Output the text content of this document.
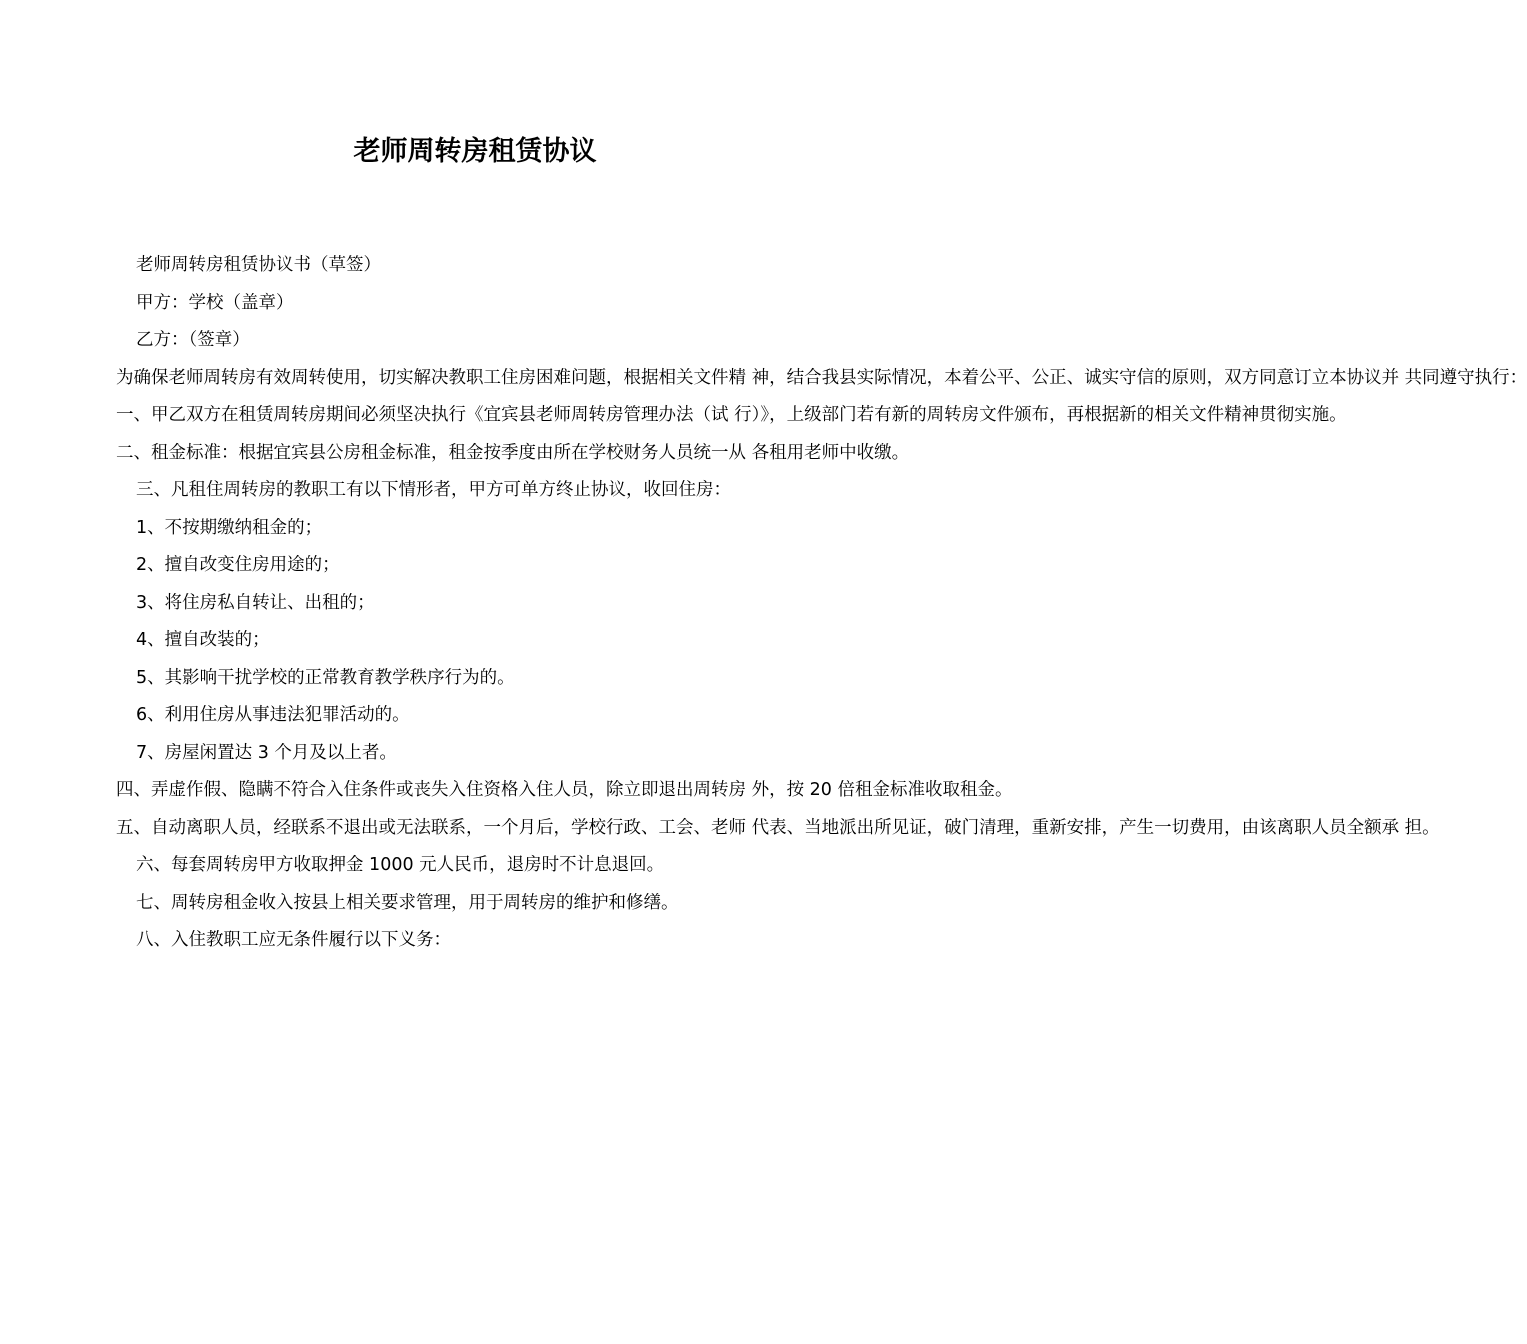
老师周转房租赁协议

老师周转房租赁协议书（草签）

甲方：学校（盖章）

乙方：（签章）

为确保老师周转房有效周转使用，切实解决教职工住房困难问题，根据相关文件精 神，结合我县实际情况，本着公平、公正、诚实守信的原则，双方同意订立本协议并 共同遵守执行：

一、甲乙双方在租赁周转房期间必须坚决执行《宜宾县老师周转房管理办法（试 行）》，上级部门若有新的周转房文件颁布，再根据新的相关文件精神贯彻实施。

二、租金标准：根据宜宾县公房租金标准，租金按季度由所在学校财务人员统一从 各租用老师中收缴。

三、凡租住周转房的教职工有以下情形者，甲方可单方终止协议，收回住房：

1、不按期缴纳租金的；

2、擅自改变住房用途的；

3、将住房私自转让、出租的；

4、擅自改装的；

5、其影响干扰学校的正常教育教学秩序行为的。

6、利用住房从事违法犯罪活动的。

7、房屋闲置达 3 个月及以上者。

四、弄虚作假、隐瞒不符合入住条件或丧失入住资格入住人员，除立即退出周转房 外，按 20 倍租金标准收取租金。

五、自动离职人员，经联系不退出或无法联系，一个月后，学校行政、工会、老师 代表、当地派出所见证，破门清理，重新安排，产生一切费用，由该离职人员全额承 担。

六、每套周转房甲方收取押金 1000 元人民币，退房时不计息退回。

七、周转房租金收入按县上相关要求管理，用于周转房的维护和修缮。

八、入住教职工应无条件履行以下义务：
